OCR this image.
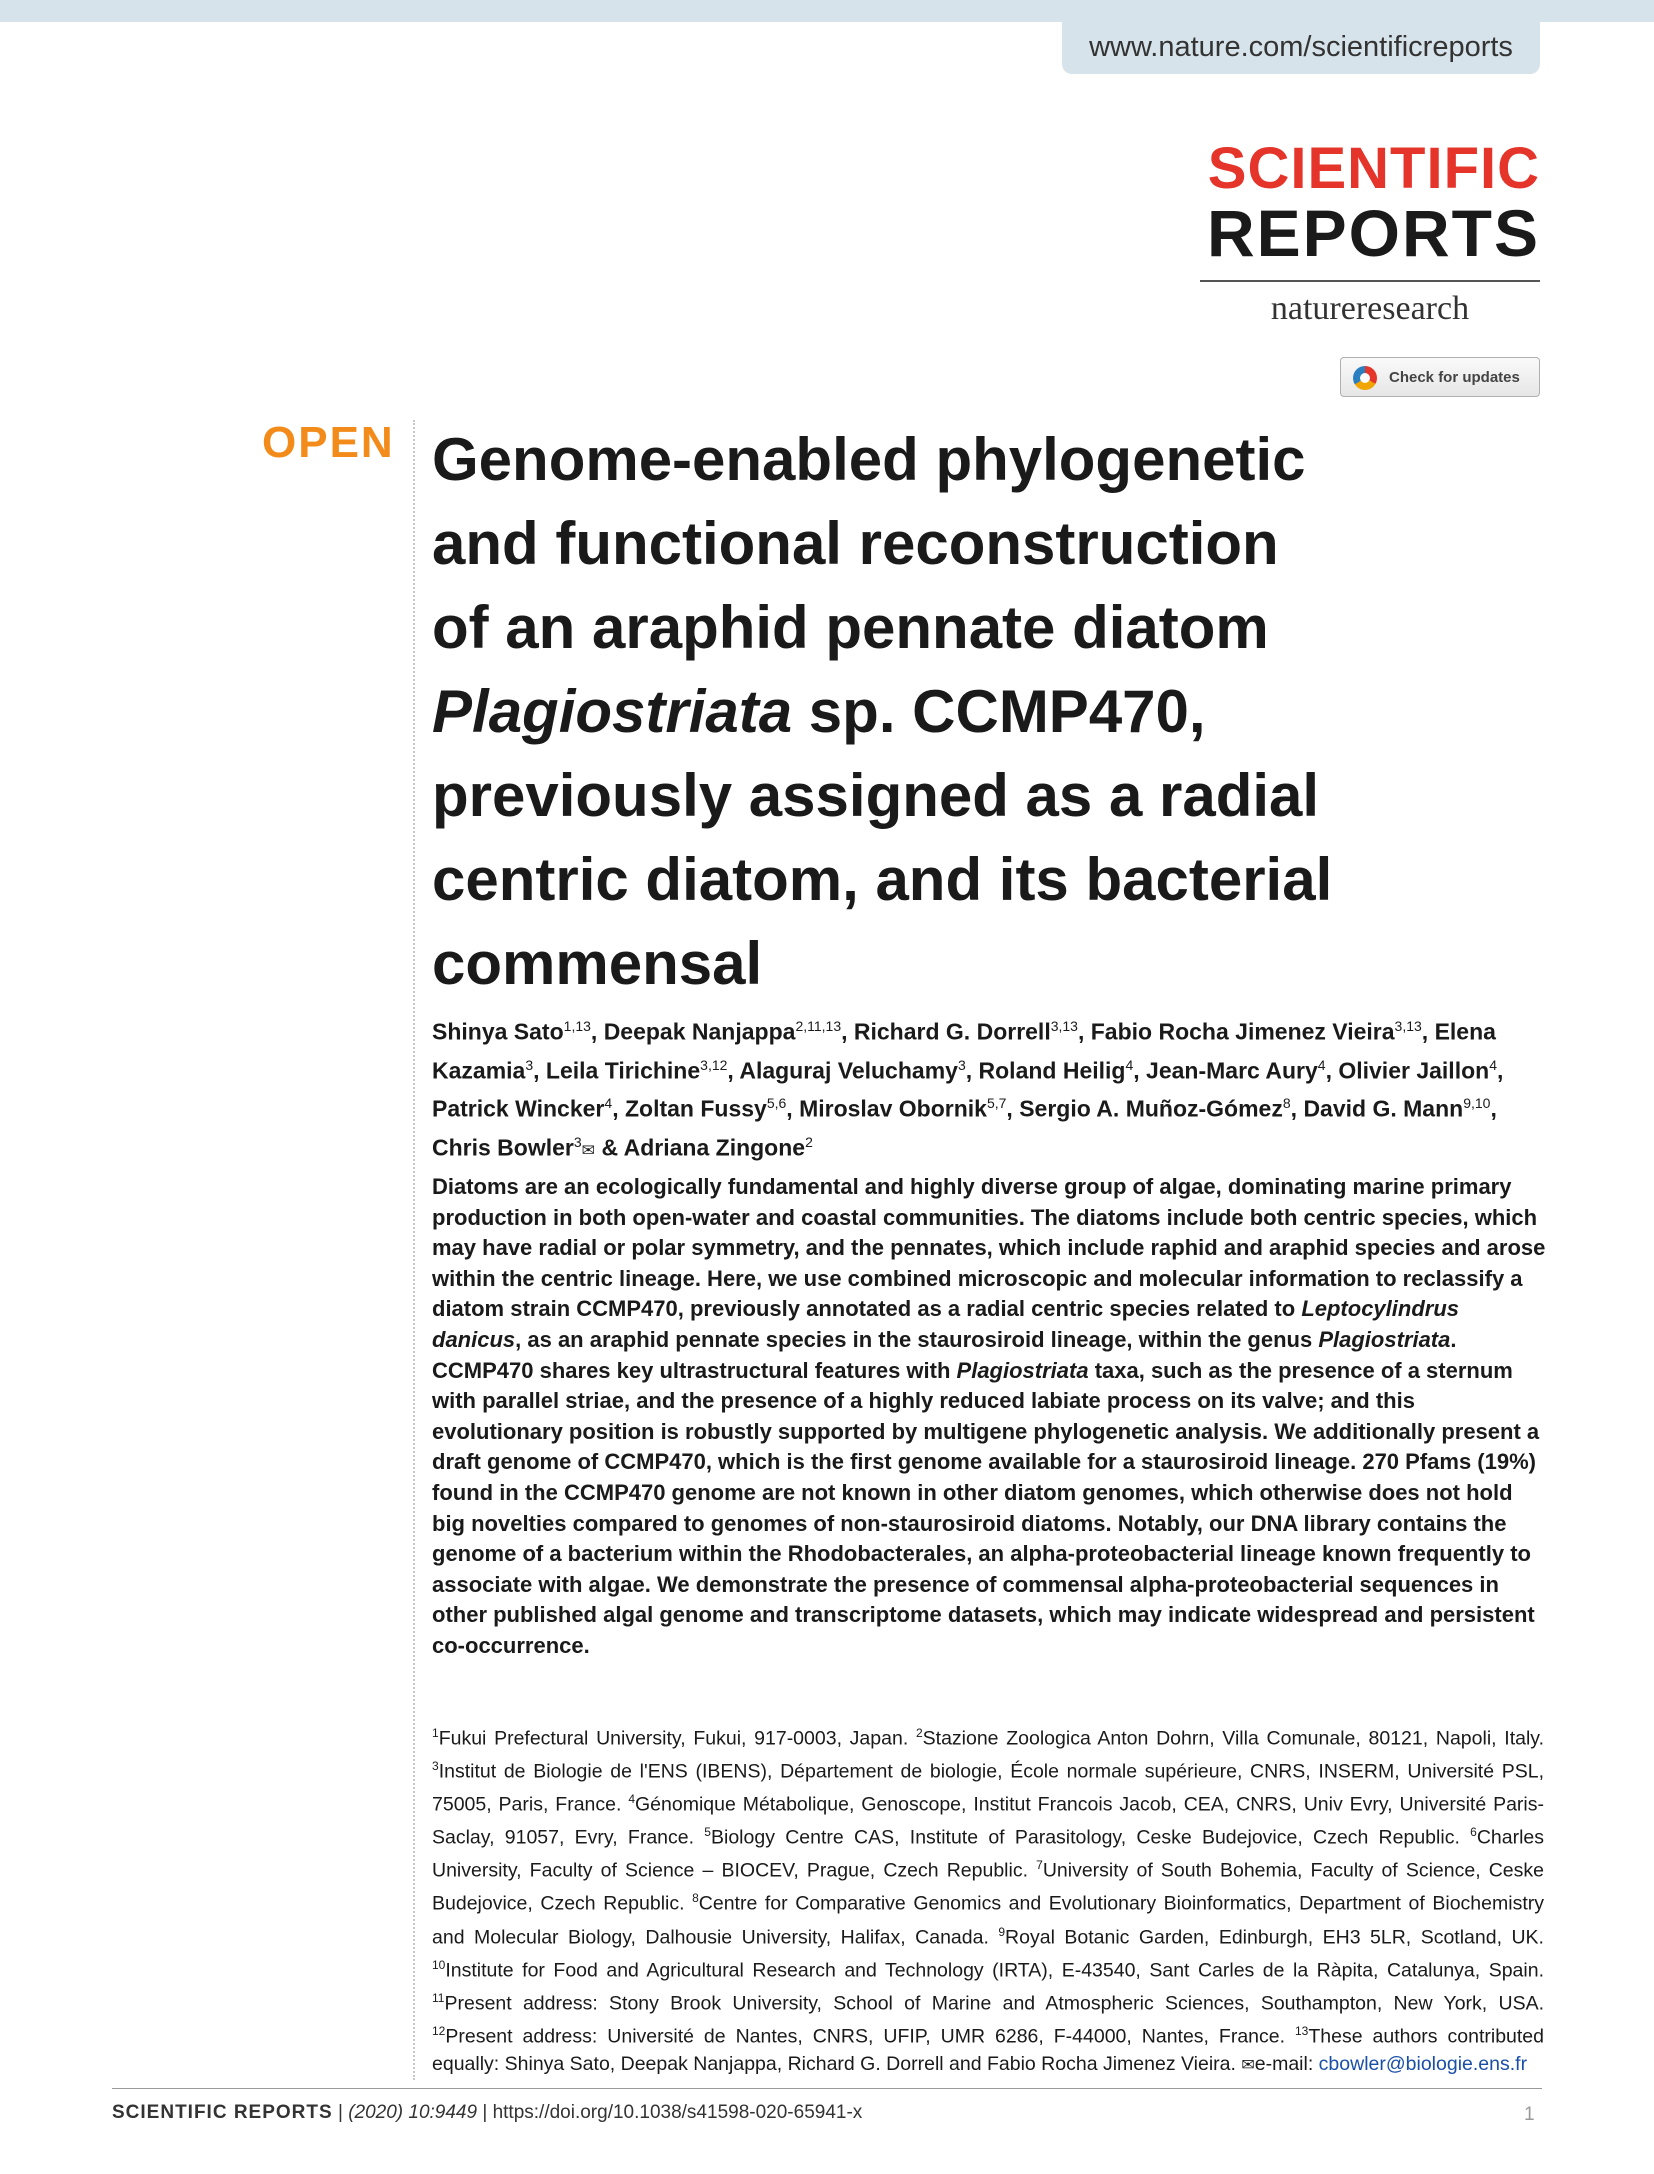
www.nature.com/scientificreports
SCIENTIFIC
REPORTS
natureresearch
Check for updates
OPEN Genome-enabled phylogenetic
and functional reconstruction
of an araphid pennate diatom
Plagiostriata sp. CCMP470,
previously assigned as a radial
centric diatom, and its bacterial
commensal
Shinya Sato$^{1,13}$, Deepak Nanjappa$^{2,11,13}$, Richard G. Dorrell$^{3,13}$, Fabio Rocha Jimenez Vieira$^{3,13}$, Elena Kazamia$^3$, Leila Tirichine$^{3,12}$, Alaguraj Veluchamy$^3$, Roland Heilig$^4$, Jean-Marc Aury$^4$, Olivier Jaillon$^4$, Patrick Wincker$^4$, Zoltan Fussy$^{5,6}$, Miroslav Obornik$^{5,7}$, Sergio A. Muñoz-Gómez$^8$, David G. Mann$^{9,10}$, Chris Bowler$^3$✉ & Adriana Zingone$^2$
Diatoms are an ecologically fundamental and highly diverse group of algae, dominating marine primary production in both open-water and coastal communities. The diatoms include both centric species, which may have radial or polar symmetry, and the pennates, which include raphid and araphid species and arose within the centric lineage. Here, we use combined microscopic and molecular information to reclassify a diatom strain CCMP470, previously annotated as a radial centric species related to Leptocylindrus danicus, as an araphid pennate species in the staurosiroid lineage, within the genus Plagiostriata. CCMP470 shares key ultrastructural features with Plagiostriata taxa, such as the presence of a sternum with parallel striae, and the presence of a highly reduced labiate process on its valve; and this evolutionary position is robustly supported by multigene phylogenetic analysis. We additionally present a draft genome of CCMP470, which is the first genome available for a staurosiroid lineage. 270 Pfams (19%) found in the CCMP470 genome are not known in other diatom genomes, which otherwise does not hold big novelties compared to genomes of non-staurosiroid diatoms. Notably, our DNA library contains the genome of a bacterium within the Rhodobacterales, an alpha-proteobacterial lineage known frequently to associate with algae. We demonstrate the presence of commensal alpha-proteobacterial sequences in other published algal genome and transcriptome datasets, which may indicate widespread and persistent co-occurrence.
$^1$Fukui Prefectural University, Fukui, 917-0003, Japan. $^2$Stazione Zoologica Anton Dohrn, Villa Comunale, 80121, Napoli, Italy. $^3$Institut de Biologie de l'ENS (IBENS), Département de biologie, École normale supérieure, CNRS, INSERM, Université PSL, 75005, Paris, France. $^4$Génomique Métabolique, Genoscope, Institut Francois Jacob, CEA, CNRS, Univ Evry, Université Paris-Saclay, 91057, Evry, France. $^5$Biology Centre CAS, Institute of Parasitology, Ceske Budejovice, Czech Republic. $^6$Charles University, Faculty of Science – BIOCEV, Prague, Czech Republic. $^7$University of South Bohemia, Faculty of Science, Ceske Budejovice, Czech Republic. $^8$Centre for Comparative Genomics and Evolutionary Bioinformatics, Department of Biochemistry and Molecular Biology, Dalhousie University, Halifax, Canada. $^9$Royal Botanic Garden, Edinburgh, EH3 5LR, Scotland, UK. $^{10}$Institute for Food and Agricultural Research and Technology (IRTA), E-43540, Sant Carles de la Ràpita, Catalunya, Spain. $^{11}$Present address: Stony Brook University, School of Marine and Atmospheric Sciences, Southampton, New York, USA. $^{12}$Present address: Université de Nantes, CNRS, UFIP, UMR 6286, F-44000, Nantes, France. $^{13}$These authors contributed equally: Shinya Sato, Deepak Nanjappa, Richard G. Dorrell and Fabio Rocha Jimenez Vieira. ✉e-mail: cbowler@biologie.ens.fr
SCIENTIFIC REPORTS | (2020) 10:9449 | https://doi.org/10.1038/s41598-020-65941-x	1
